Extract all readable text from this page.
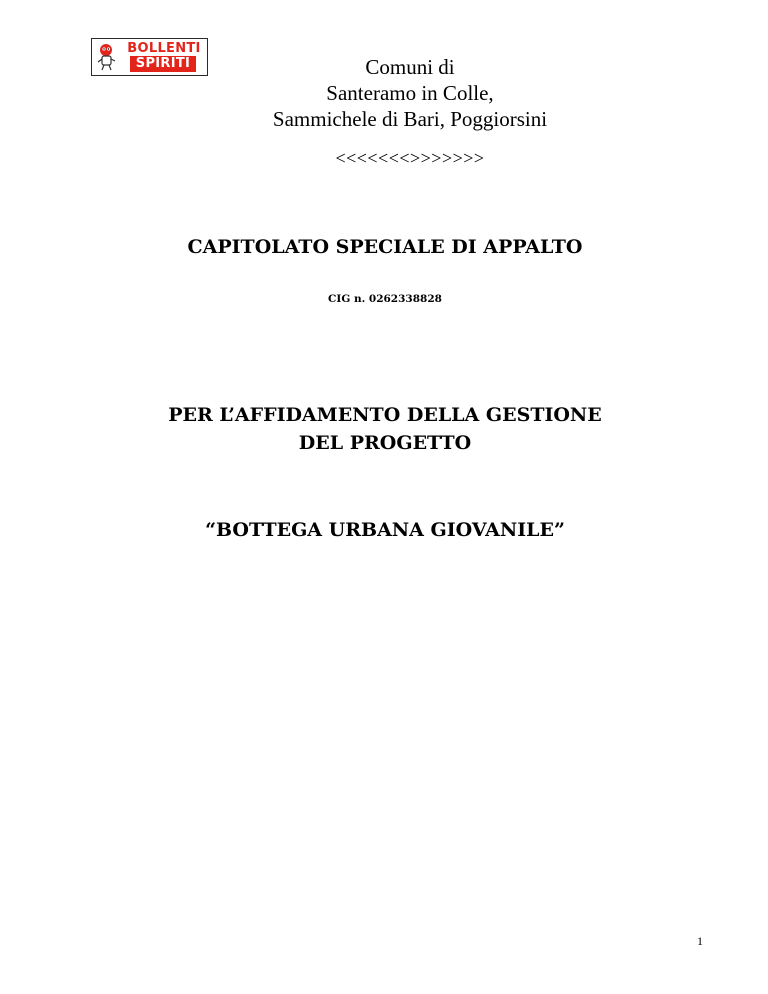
BOLLENTI
SPIRITI	Comuni di
Santeramo in Colle,
Sammichele di Bari, Poggiorsini
<<<<<<<>>>>>>>
CAPITOLATO SPECIALE DI APPALTO
CIG n. 0262338828
PER L’AFFIDAMENTO DELLA GESTIONE
DEL PROGETTO
“BOTTEGA URBANA GIOVANILE”
1
